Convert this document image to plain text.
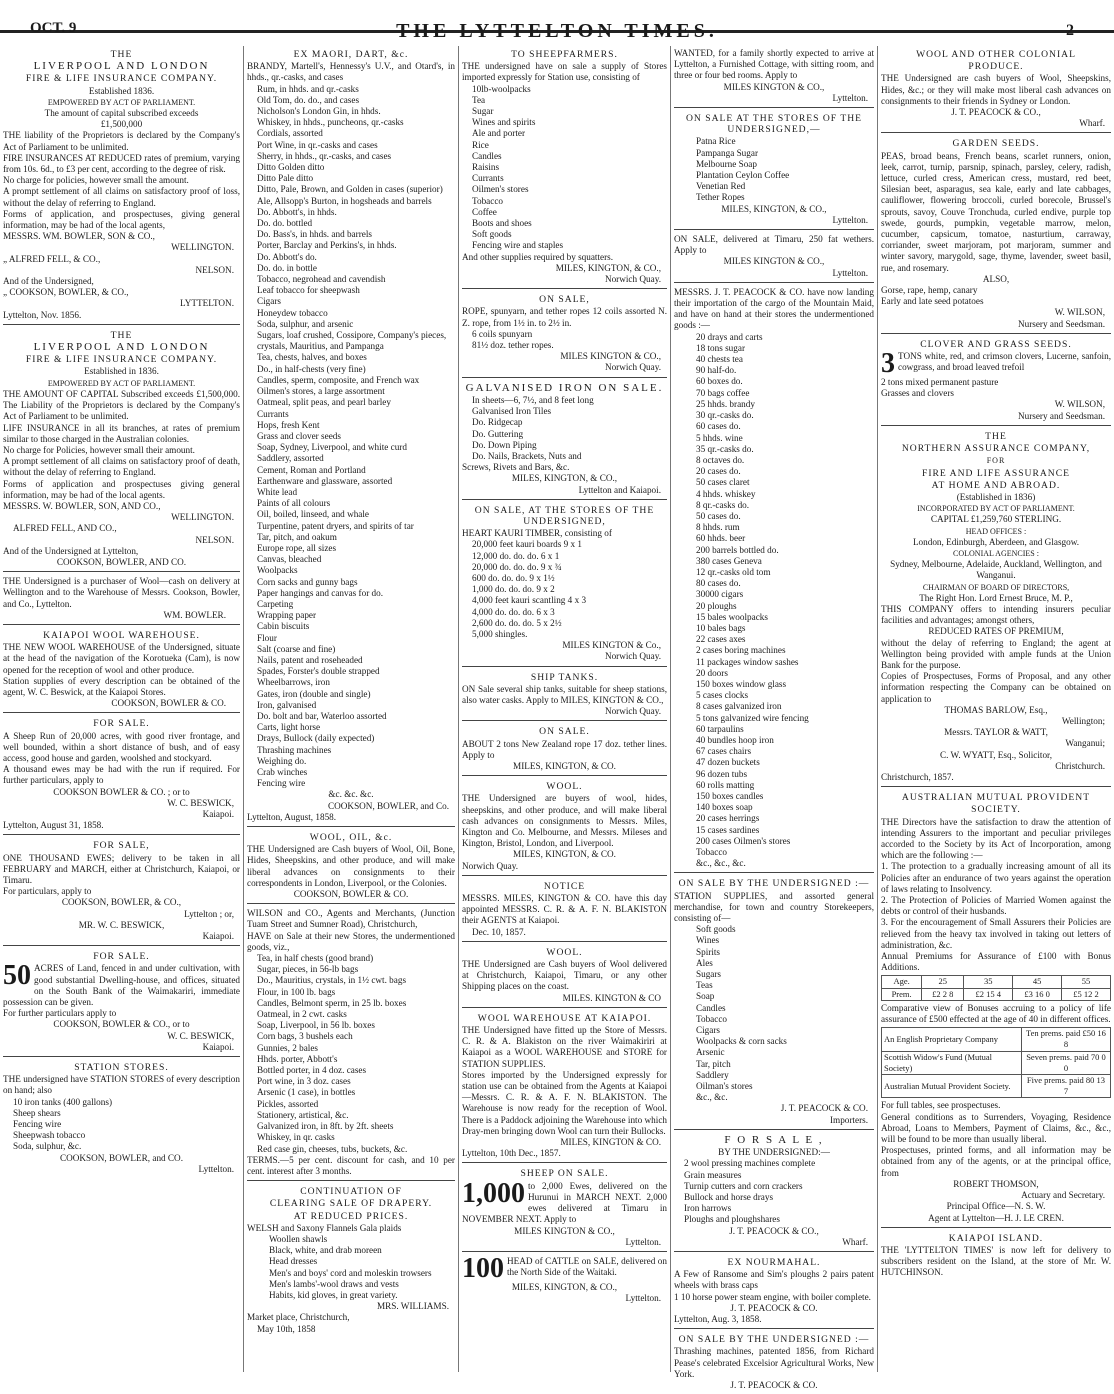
OCT. 9	THE LYTTELTON TIMES.	2
THE
LIVERPOOL AND LONDON
FIRE & LIFE INSURANCE COMPANY.
Established 1836.
EMPOWERED BY ACT OF PARLIAMENT.
The amount of capital subscribed exceeds
£1,500,000

THE liability of the Proprietors is declared by the Company's Act of Parliament to be unlimited.

FIRE INSURANCES AT REDUCED rates of premium, varying from 10s. 6d., to £3 per cent, according to the degree of risk.

No charge for policies, however small the amount.

A prompt settlement of all claims on satisfactory proof of loss, without the delay of referring to England.

Forms of application, and prospectuses, giving general information, may be had of the local agents,

MESSRS. WM. BOWLER, SON & CO.,
WELLINGTON.
„ ALFRED FELL, & CO.,
NELSON.
And of the Undersigned,
„ COOKSON, BOWLER, & CO.,
LYTTELTON.
Lyttelton, Nov. 1856.
THE
LIVERPOOL AND LONDON
FIRE & LIFE INSURANCE COMPANY.
Established in 1836.
EMPOWERED BY ACT OF PARLIAMENT.

THE AMOUNT OF CAPITAL Subscribed exceeds £1,500,000. The Liability of the Proprietors is declared by the Company's Act of Parliament to be unlimited.

LIFE INSURANCE in all its branches, at rates of premium similar to those charged in the Australian colonies.

No charge for Policies, however small their amount.

A prompt settlement of all claims on satisfactory proof of death, without the delay of referring to England.

Forms of application and prospectuses giving general information, may be had of the local agents.

MESSRS. W. BOWLER, SON, AND CO.,
WELLINGTON.
ALFRED FELL, AND CO.,
NELSON.
And of the Undersigned at Lyttelton,
COOKSON, BOWLER, AND CO.

THE Undersigned is a purchaser of Wool—cash on delivery at Wellington and to the Warehouse of Messrs. Cookson, Bowler, and Co., Lyttelton.

WM. BOWLER.
KAIAPOI WOOL WAREHOUSE.

THE NEW WOOL WAREHOUSE of the Undersigned, situate at the head of the navigation of the Korotueka (Cam), is now opened for the reception of wool and other produce.

Station supplies of every description can be obtained of the agent, W. C. Beswick, at the Kaiapoi Stores.

COOKSON, BOWLER & CO.
FOR SALE.

A Sheep Run of 20,000 acres, with good river frontage, and well bounded, within a short distance of bush, and of easy access, good house and garden, woolshed and stockyard.

A thousand ewes may be had with the run if required. For further particulars, apply to

COOKSON BOWLER & CO. ; or to
W. C. BESWICK,
Kaiapoi.
Lyttelton, August 31, 1858.
FOR SALE,

ONE THOUSAND EWES; delivery to be taken in all FEBRUARY and MARCH, either at Christchurch, Kaiapoi, or Timaru.

For particulars, apply to

COOKSON, BOWLER, & CO.,
Lyttelton ; or,
MR. W. C. BESWICK,
Kaiapoi.
FOR SALE.
50 ACRES of Land, fenced in and under cultivation, with good substantial Dwelling-house, and offices, situated on the South Bank of the Waimakariri, immediate possession can be given.

For further particulars apply to

COOKSON, BOWLER & CO., or to
W. C. BESWICK,
Kaiapoi.
STATION STORES.

THE undersigned have STATION STORES of every description on hand; also

10 iron tanks (400 gallons)
Sheep shears
Fencing wire
Sheepwash tobacco
Soda, sulphur, &c.
COOKSON, BOWLER, and CO.
Lyttelton.
EX MAORI, DART, &c.

BRANDY, Martell's, Hennessy's U.V., and Otard's, in hhds., qr.-casks, and cases

Rum, in hhds. and qr.-casks
Old Tom, do. do., and cases
Nicholson's London Gin, in hhds.
Whiskey, in hhds., puncheons, qr.-casks
Cordials, assorted
Port Wine, in qr.-casks and cases
Sherry, in hhds., qr.-casks, and cases
Ditto Golden ditto
Ditto Pale ditto
Ditto, Pale, Brown, and Golden in cases (superior)
Ale, Allsopp's Burton, in hogsheads and barrels
Do. Abbott's, in hhds.
Do. do. bottled
Do. Bass's, in hhds. and barrels
Porter, Barclay and Perkins's, in hhds.
Do. Abbott's do.
Do. do. in bottle
Tobacco, negrohead and cavendish
Leaf tobacco for sheepwash
Cigars
Honeydew tobacco
Soda, sulphur, and arsenic
Sugars, loaf crushed, Cossipore, Company's pieces, crystals, Mauritius, and Pampanga
Tea, chests, halves, and boxes
Do., in half-chests (very fine)
Candles, sperm, composite, and French wax
Oilmen's stores, a large assortment
Oatmeal, split peas, and pearl barley
Currants
Hops, fresh Kent
Grass and clover seeds
Soap, Sydney, Liverpool, and white curd
Saddlery, assorted
Cement, Roman and Portland
Earthenware and glassware, assorted
White lead
Paints of all colours
Oil, boiled, linseed, and whale
Turpentine, patent dryers, and spirits of tar
Tar, pitch, and oakum
Europe rope, all sizes
Canvas, bleached
Woolpacks
Corn sacks and gunny bags
Paper hangings and canvas for do.
Carpeting
Wrapping paper
Cabin biscuits
Flour
Salt (coarse and fine)
Nails, patent and roseheaded
Spades, Forster's double strapped
Wheelbarrows, iron
Gates, iron (double and single)
Iron, galvanised
Do. bolt and bar, Waterloo assorted
Carts, light horse
Drays, Bullock (daily expected)
Thrashing machines
Weighing do.
Crab winches
Fencing wire
&c. &c. &c.
COOKSON, BOWLER, and Co.
Lyttelton, August, 1858.
WOOL, OIL, &c.

THE Undersigned are Cash buyers of Wool, Oil, Bone, Hides, Sheepskins, and other produce, and will make liberal advances on consignments to their correspondents in London, Liverpool, or the Colonies.

COOKSON, BOWLER & CO.

WILSON and CO., Agents and Merchants, (Junction Tuam Street and Sumner Road), Christchurch,

HAVE on Sale at their new Stores, the undermentioned goods, viz.,

Tea, in half chests (good brand)
Sugar, pieces, in 56-lb bags
Do., Mauritius, crystals, in 1½ cwt. bags
Flour, in 100 lb. bags
Candles, Belmont sperm, in 25 lb. boxes
Oatmeal, in 2 cwt. casks
Soap, Liverpool, in 56 lb. boxes
Corn bags, 3 bushels each
Gunnies, 2 bales
Hhds. porter, Abbott's
Bottled porter, in 4 doz. cases
Port wine, in 3 doz. cases
Arsenic (1 case), in bottles
Pickles, assorted
Stationery, artistical, &c.
Galvanized iron, in 8ft. by 2ft. sheets
Whiskey, in qr. casks
Red case gin, cheeses, tubs, buckets, &c.

TERMS.—5 per cent. discount for cash, and 10 per cent. interest after 3 months.

CONTINUATION OF
CLEARING SALE OF DRAPERY.
AT REDUCED PRICES.

WELSH and Saxony Flannels Gala plaids

Woollen shawls
Black, white, and drab moreen
Head dresses
Men's and boys' cord and moleskin trowsers
Men's lambs'-wool draws and vests
Habits, kid gloves, in great variety.
MRS. WILLIAMS.
Market place, Christchurch,
May 10th, 1858
TO SHEEPFARMERS.

THE undersigned have on sale a supply of Stores imported expressly for Station use, consisting of

10lb-woolpacks
Tea
Sugar
Wines and spirits
Ale and porter
Rice
Candles
Raisins
Currants
Oilmen's stores
Tobacco
Coffee
Boots and shoes
Soft goods
Fencing wire and staples

And other supplies required by squatters.

MILES, KINGTON, & CO.,
Norwich Quay.
ON SALE,

ROPE, spunyarn, and tether ropes 12 coils assorted N. Z. rope, from 1½ in. to 2½ in.

6 coils spunyarn
81½ doz. tether ropes.
MILES KINGTON & CO.,
Norwich Quay.
GALVANISED IRON ON SALE.
In sheets—6, 7½, and 8 feet long
Galvanised Iron Tiles
Do. Ridgecap
Do. Guttering
Do. Down Piping
Do. Nails, Brackets, Nuts and
Screws, Rivets and Bars, &c.
MILES, KINGTON, & CO.,
Lyttelton and Kaiapoi.
ON SALE, AT THE STORES OF THE UNDERSIGNED,

HEART KAURI TIMBER, consisting of

20,000 feet kauri boards 9 x 1
12,000 do. do. do. 6 x 1
20,000 do. do. do. 9 x ¾
600 do. do. do. 9 x 1½
1,000 do. do. do. 9 x 2
4,000 feet kauri scantling 4 x 3
4,000 do. do. do. 6 x 3
2,600 do. do. do. 5 x 2½
5,000 shingles.
MILES KINGTON & Co.,
Norwich Quay.
SHIP TANKS.

ON Sale several ship tanks, suitable for sheep stations, also water casks. Apply to MILES, KINGTON & CO.,

Norwich Quay.
ON SALE.

ABOUT 2 tons New Zealand rope 17 doz. tether lines. Apply to

MILES, KINGTON, & CO.
WOOL.

THE Undersigned are buyers of wool, hides, sheepskins, and other produce, and will make liberal cash advances on consignments to Messrs. Miles, Kington and Co. Melbourne, and Messrs. Mileses and Kington, Bristol, London, and Liverpool.

MILES, KINGTON, & CO.
Norwich Quay.
NOTICE

MESSRS. MILES, KINGTON & CO. have this day appointed MESSRS. C. R. & A. F. N. BLAKISTON their AGENTS at Kaiapoi.

Dec. 10, 1857.
WOOL.

THE Undersigned are Cash buyers of Wool delivered at Christchurch, Kaiapoi, Timaru, or any other Shipping places on the coast.

MILES. KINGTON & CO
WOOL WAREHOUSE AT KAIAPOI.

THE Undersigned have fitted up the Store of Messrs. C. R. & A. Blakiston on the river Waimakiriri at Kaiapoi as a WOOL WAREHOUSE and STORE for STATION SUPPLIES.

Stores imported by the Undersigned expressly for station use can be obtained from the Agents at Kaiapoi—Messrs. C. R. & A. F. N. BLAKISTON. The Warehouse is now ready for the reception of Wool. There is a Paddock adjoining the Warehouse into which Dray-men bringing down Wool can turn their Bullocks.

MILES, KINGTON & CO.
Lyttelton, 10th Dec., 1857.
SHEEP ON SALE.
1,000 to 2,000 Ewes, delivered on the Hurunui in MARCH NEXT. 2,000 ewes delivered at Timaru in NOVEMBER NEXT. Apply to

MILES KINGTON & CO.,
Lyttelton.
100 HEAD of CATTLE on SALE, delivered on the North Side of the Waitaki.

MILES, KINGTON, & CO.,
Lyttelton.

WANTED, for a family shortly expected to arrive at Lyttelton, a Furnished Cottage, with sitting room, and three or four bed rooms. Apply to

MILES KINGTON & CO.,
Lyttelton.
ON SALE AT THE STORES OF THE UNDERSIGNED,—
Patna Rice
Pampanga Sugar
Melbourne Soap
Plantation Ceylon Coffee
Venetian Red
Tether Ropes
MILES, KINGTON, & CO.,
Lyttelton.

ON SALE, delivered at Timaru, 250 fat wethers. Apply to

MILES KINGTON & CO.,
Lyttelton.

MESSRS. J. T. PEACOCK & CO. have now landing their importation of the cargo of the Mountain Maid, and have on hand at their stores the undermentioned goods :—

20 drays and carts
18 tons sugar
40 chests tea
90 half-do.
60 boxes do.
70 bags coffee
25 hhds. brandy
30 qr.-casks do.
60 cases do.
5 hhds. wine
35 qr.-casks do.
8 octaves do.
20 cases do.
50 cases claret
4 hhds. whiskey
8 qr.-casks do.
50 cases do.
8 hhds. rum
60 hhds. beer
200 barrels bottled do.
380 cases Geneva
12 qr.-casks old tom
80 cases do.
30000 cigars
20 ploughs
15 bales woolpacks
10 bales bags
22 cases axes
2 cases boring machines
11 packages window sashes
20 doors
150 boxes window glass
5 cases clocks
8 cases galvanized iron
5 tons galvanized wire fencing
60 tarpaulins
40 bundles hoop iron
67 cases chairs
47 dozen buckets
96 dozen tubs
60 rolls matting
150 boxes candles
140 boxes soap
20 cases herrings
15 cases sardines
200 cases Oilmen's stores
Tobacco
&c., &c., &c.
ON SALE BY THE UNDERSIGNED :—

STATION SUPPLIES, and assorted general merchandise, for town and country Storekeepers, consisting of—

Soft goods
Wines
Spirits
Ales
Sugars
Teas
Soap
Candles
Tobacco
Cigars
Woolpacks & corn sacks
Arsenic
Tar, pitch
Saddlery
Oilman's stores
&c., &c.
J. T. PEACOCK & CO.
Importers.
F O R S A L E ,
BY THE UNDERSIGNED:—
2 wool pressing machines complete
Grain measures
Turnip cutters and corn crackers
Bullock and horse drays
Iron harrows
Ploughs and ploughshares
J. T. PEACOCK & CO.,
Wharf.
EX NOURMAHAL.

A Few of Ransome and Sim's ploughs 2 pairs patent wheels with brass caps

1 10 horse power steam engine, with boiler complete.

J. T. PEACOCK & CO.
Lyttelton, Aug. 3, 1858.
ON SALE BY THE UNDERSIGNED :—

Thrashing machines, patented 1856, from Richard Pease's celebrated Excelsior Agricultural Works, New York.

J. T. PEACOCK & CO.
WOOL AND OTHER COLONIAL
PRODUCE.

THE Undersigned are cash buyers of Wool, Sheepskins, Hides, &c.; or they will make most liberal cash advances on consignments to their friends in Sydney or London.

J. T. PEACOCK & CO.,
Wharf.
GARDEN SEEDS.

PEAS, broad beans, French beans, scarlet runners, onion, leek, carrot, turnip, parsnip, spinach, parsley, celery, radish, lettuce, curled cress, American cress, mustard, red beet, Silesian beet, asparagus, sea kale, early and late cabbages, cauliflower, flowering broccoli, curled borecole, Brussel's sprouts, savoy, Couve Tronchuda, curled endive, purple top swede, gourds, pumpkin, vegetable marrow, melon, cucumber, capsicum, tomatoe, nasturtium, carraway, corriander, sweet marjoram, pot marjoram, summer and winter savory, marygold, sage, thyme, lavender, sweet basil, rue, and rosemary.

ALSO,
Gorse, rape, hemp, canary
Early and late seed potatoes
W. WILSON,
Nursery and Seedsman.
CLOVER AND GRASS SEEDS.
3 TONS white, red, and crimson clovers, Lucerne, sanfoin, cowgrass, and broad leaved trefoil

2 tons mixed permanent pasture
Grasses and clovers
W. WILSON,
Nursery and Seedsman.
THE
NORTHERN ASSURANCE COMPANY,
FOR
FIRE AND LIFE ASSURANCE
AT HOME AND ABROAD.
(Established in 1836)
INCORPORATED BY ACT OF PARLIAMENT.
CAPITAL £1,259,760 STERLING.
HEAD OFFICES :
London, Edinburgh, Aberdeen, and Glasgow.
COLONIAL AGENCIES :
Sydney, Melbourne, Adelaide, Auckland, Wellington, and Wanganui.
CHAIRMAN OF BOARD OF DIRECTORS,
The Right Hon. Lord Ernest Bruce, M. P.,

THIS COMPANY offers to intending insurers peculiar facilities and advantages; amongst others,

REDUCED RATES OF PREMIUM,

without the delay of referring to England; the agent at Wellington being provided with ample funds at the Union Bank for the purpose.

Copies of Prospectuses, Forms of Proposal, and any other information respecting the Company can be obtained on application to

THOMAS BARLOW, Esq.,
Wellington;
Messrs. TAYLOR & WATT,
Wanganui;
C. W. WYATT, Esq., Solicitor,
Christchurch.
Christchurch, 1857.
AUSTRALIAN MUTUAL PROVIDENT
SOCIETY.

THE Directors have the satisfaction to draw the attention of intending Assurers to the important and peculiar privileges accorded to the Society by its Act of Incorporation, among which are the following :—

1. The protection to a gradually increasing amount of all its Policies after an endurance of two years against the operation of laws relating to Insolvency.

2. The Protection of Policies of Married Women against the debts or control of their husbands.

3. For the encouragement of Small Assurers their Policies are relieved from the heavy tax involved in taking out letters of administration, &c.

Annual Premiums for Assurance of £100 with Bonus Additions.

Age.	25	35	45	55
Prem.	£2 2 8	£2 15 4	£3 16 0	£5 12 2

Comparative view of Bonuses accruing to a policy of life assurance of £500 effected at the age of 40 in different offices.

An English Proprietary Company	Ten prems. paid £50 16 8
Scottish Widow's Fund (Mutual Society)	Seven prems. paid 70 0 0
Australian Mutual Provident Society.	Five prems. paid 80 13 7

For full tables, see prospectuses.

General conditions as to Surrenders, Voyaging, Residence Abroad, Loans to Members, Payment of Claims, &c., &c., will be found to be more than usually liberal.

Prospectuses, printed forms, and all information may be obtained from any of the agents, or at the principal office, from

ROBERT THOMSON,
Actuary and Secretary.
Principal Office—N. S. W.
Agent at Lyttelton—H. J. LE CREN.
KAIAPOI ISLAND.

THE 'LYTTELTON TIMES' is now left for delivery to subscribers resident on the Island, at the store of Mr. W. HUTCHINSON.
